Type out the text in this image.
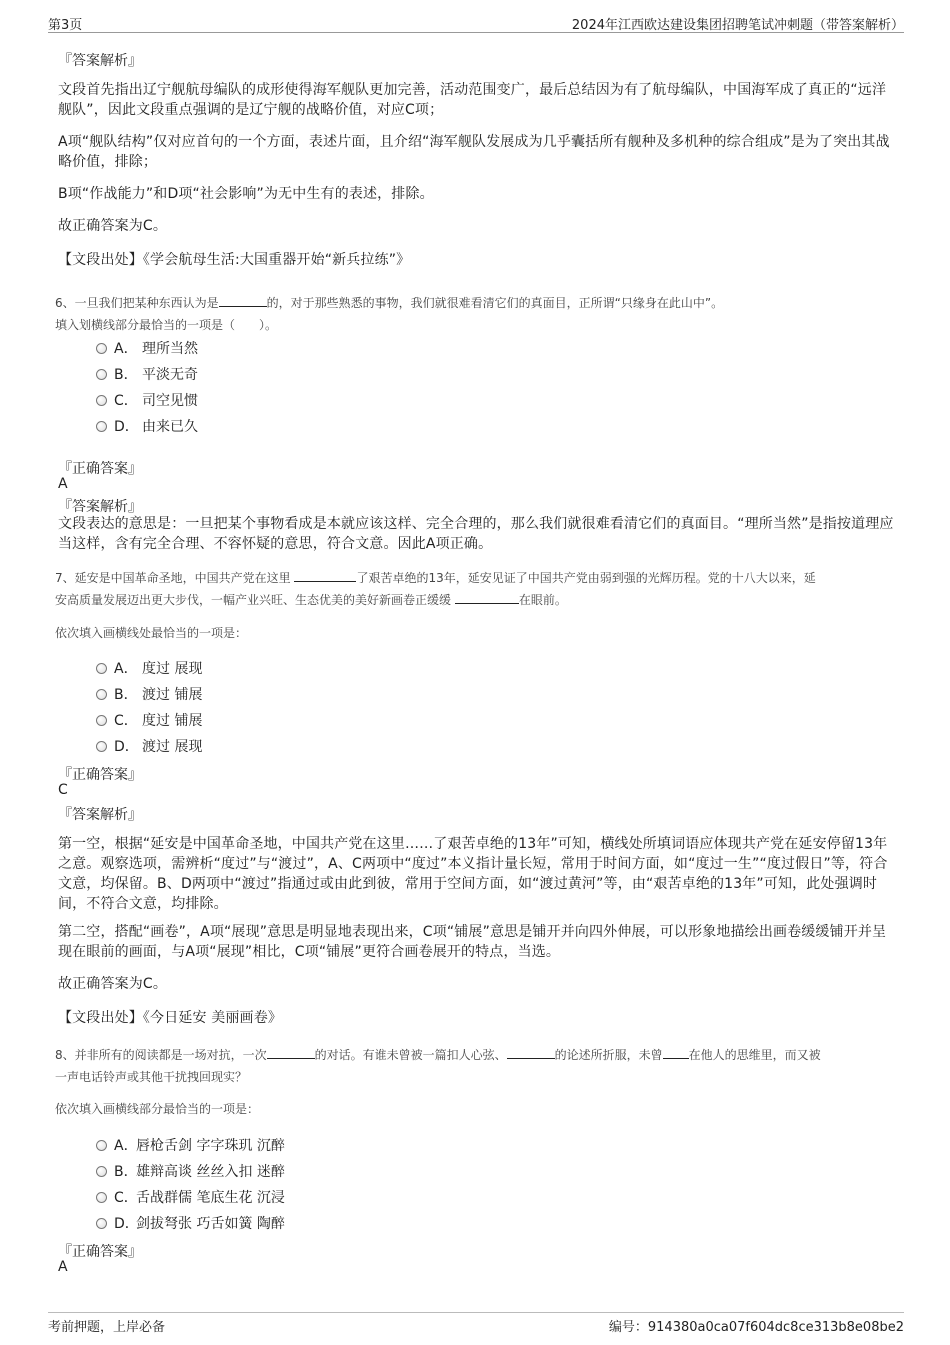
第3页	2024年江西欧达建设集团招聘笔试冲刺题（带答案解析）
『答案解析』
文段首先指出辽宁舰航母编队的成形使得海军舰队更加完善，活动范围变广，最后总结因为有了航母编队，中国海军成了真正的“远洋舰队”，因此文段重点强调的是辽宁舰的战略价值，对应C项；
A项“舰队结构”仅对应首句的一个方面，表述片面，且介绍“海军舰队发展成为几乎囊括所有舰种及多机种的综合组成”是为了突出其战略价值，排除；
B项“作战能力”和D项“社会影响”为无中生有的表述，排除。
故正确答案为C。
【文段出处】《学会航母生活:大国重器开始“新兵拉练”》
6、一旦我们把某种东西认为是	的，对于那些熟悉的事物，我们就很难看清它们的真面目，正所谓“只缘身在此山中”。
填入划横线部分最恰当的一项是（　　）。
A． 理所当然
B． 平淡无奇
C． 司空见惯
D． 由来已久
『正确答案』
A
『答案解析』
文段表达的意思是：一旦把某个事物看成是本就应该这样、完全合理的，那么我们就很难看清它们的真面目。“理所当然”是指按道理应当这样，含有完全合理、不容怀疑的意思，符合文意。因此A项正确。
7、延安是中国革命圣地，中国共产党在这里	了艰苦卓绝的13年，延安见证了中国共产党由弱到强的光辉历程。党的十八大以来，延
安高质量发展迈出更大步伐，一幅产业兴旺、生态优美的美好新画卷正缓缓	在眼前。
依次填入画横线处最恰当的一项是：
A． 度过 展现
B． 渡过 铺展
C． 度过 铺展
D． 渡过 展现
『正确答案』
C
『答案解析』
第一空，根据“延安是中国革命圣地，中国共产党在这里……了艰苦卓绝的13年”可知，横线处所填词语应体现共产党在延安停留13年之意。观察选项，需辨析“度过”与“渡过”，A、C两项中“度过”本义指计量长短，常用于时间方面，如“度过一生”“度过假日”等，符合文意，均保留。B、D两项中“渡过”指通过或由此到彼，常用于空间方面，如“渡过黄河”等，由“艰苦卓绝的13年”可知，此处强调时间，不符合文意，均排除。
第二空，搭配“画卷”，A项“展现”意思是明显地表现出来，C项“铺展”意思是铺开并向四外伸展，可以形象地描绘出画卷缓缓铺开并呈现在眼前的画面，与A项“展现”相比，C项“铺展”更符合画卷展开的特点，当选。
故正确答案为C。
【文段出处】《今日延安 美丽画卷》
8、并非所有的阅读都是一场对抗，一次	的对话。有谁未曾被一篇扣人心弦、	的论述所折服，未曾 在他人的思维里，而又被
一声电话铃声或其他干扰拽回现实？
依次填入画横线部分最恰当的一项是：
A．唇枪舌剑 字字珠玑 沉醉
B．雄辩高谈 丝丝入扣 迷醉
C．舌战群儒 笔底生花 沉浸
D．剑拔弩张 巧舌如簧 陶醉
『正确答案』
A
考前押题，上岸必备	编号：914380a0ca07f604dc8ce313b8e08be2
